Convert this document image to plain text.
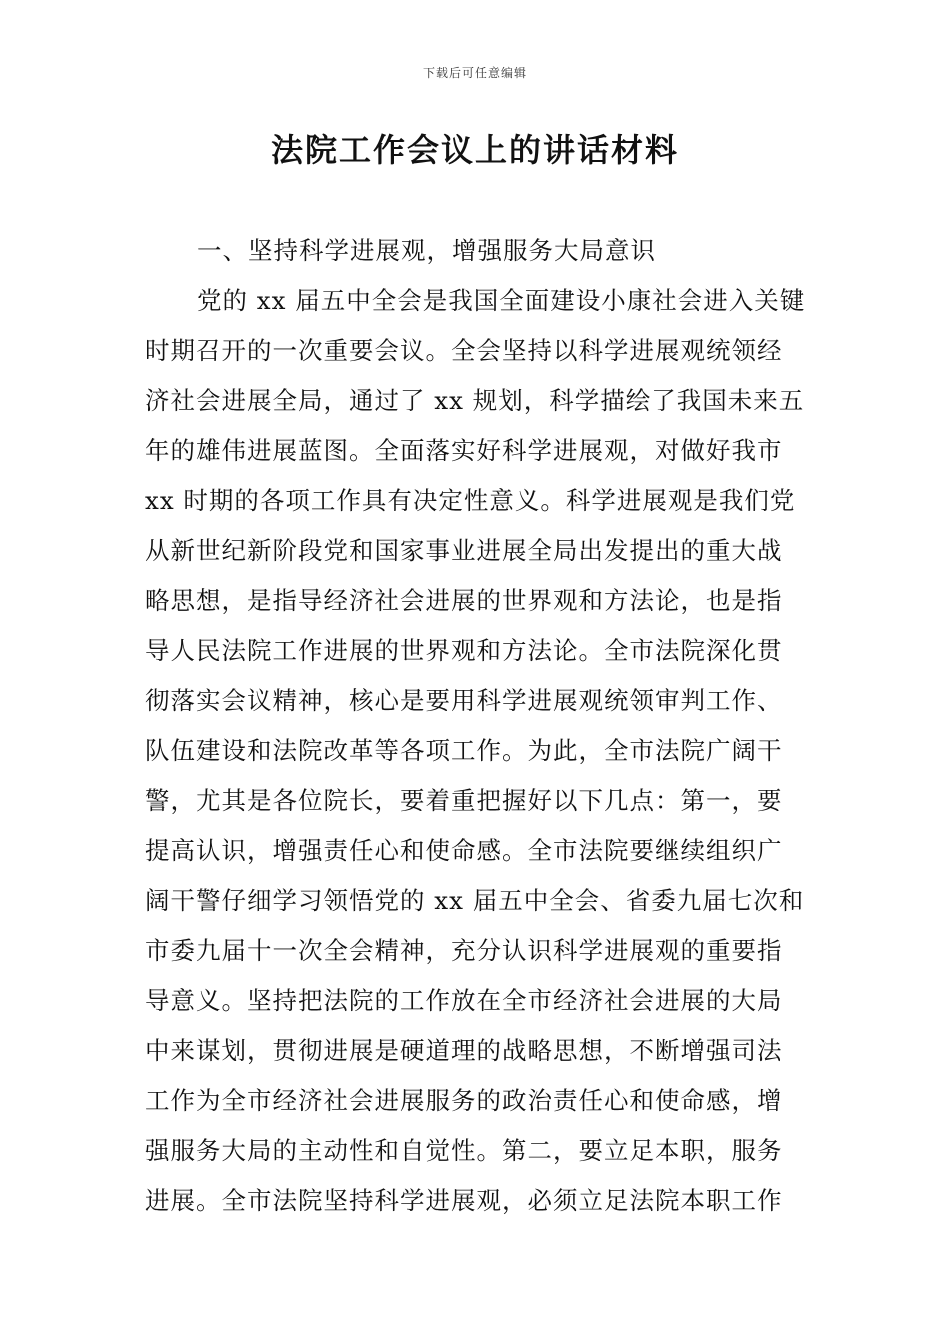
下载后可任意编辑
法院工作会议上的讲话材料
一、坚持科学进展观，增强服务大局意识
党的 xx 届五中全会是我国全面建设小康社会进入关键
时期召开的一次重要会议。全会坚持以科学进展观统领经
济社会进展全局，通过了 xx 规划，科学描绘了我国未来五
年的雄伟进展蓝图。全面落实好科学进展观，对做好我市
xx 时期的各项工作具有决定性意义。科学进展观是我们党
从新世纪新阶段党和国家事业进展全局出发提出的重大战
略思想，是指导经济社会进展的世界观和方法论，也是指
导人民法院工作进展的世界观和方法论。全市法院深化贯
彻落实会议精神，核心是要用科学进展观统领审判工作、
队伍建设和法院改革等各项工作。为此，全市法院广阔干
警，尤其是各位院长，要着重把握好以下几点：第一，要
提高认识，增强责任心和使命感。全市法院要继续组织广
阔干警仔细学习领悟党的 xx 届五中全会、省委九届七次和
市委九届十一次全会精神，充分认识科学进展观的重要指
导意义。坚持把法院的工作放在全市经济社会进展的大局
中来谋划，贯彻进展是硬道理的战略思想，不断增强司法
工作为全市经济社会进展服务的政治责任心和使命感，增
强服务大局的主动性和自觉性。第二，要立足本职，服务
进展。全市法院坚持科学进展观，必须立足法院本职工作
